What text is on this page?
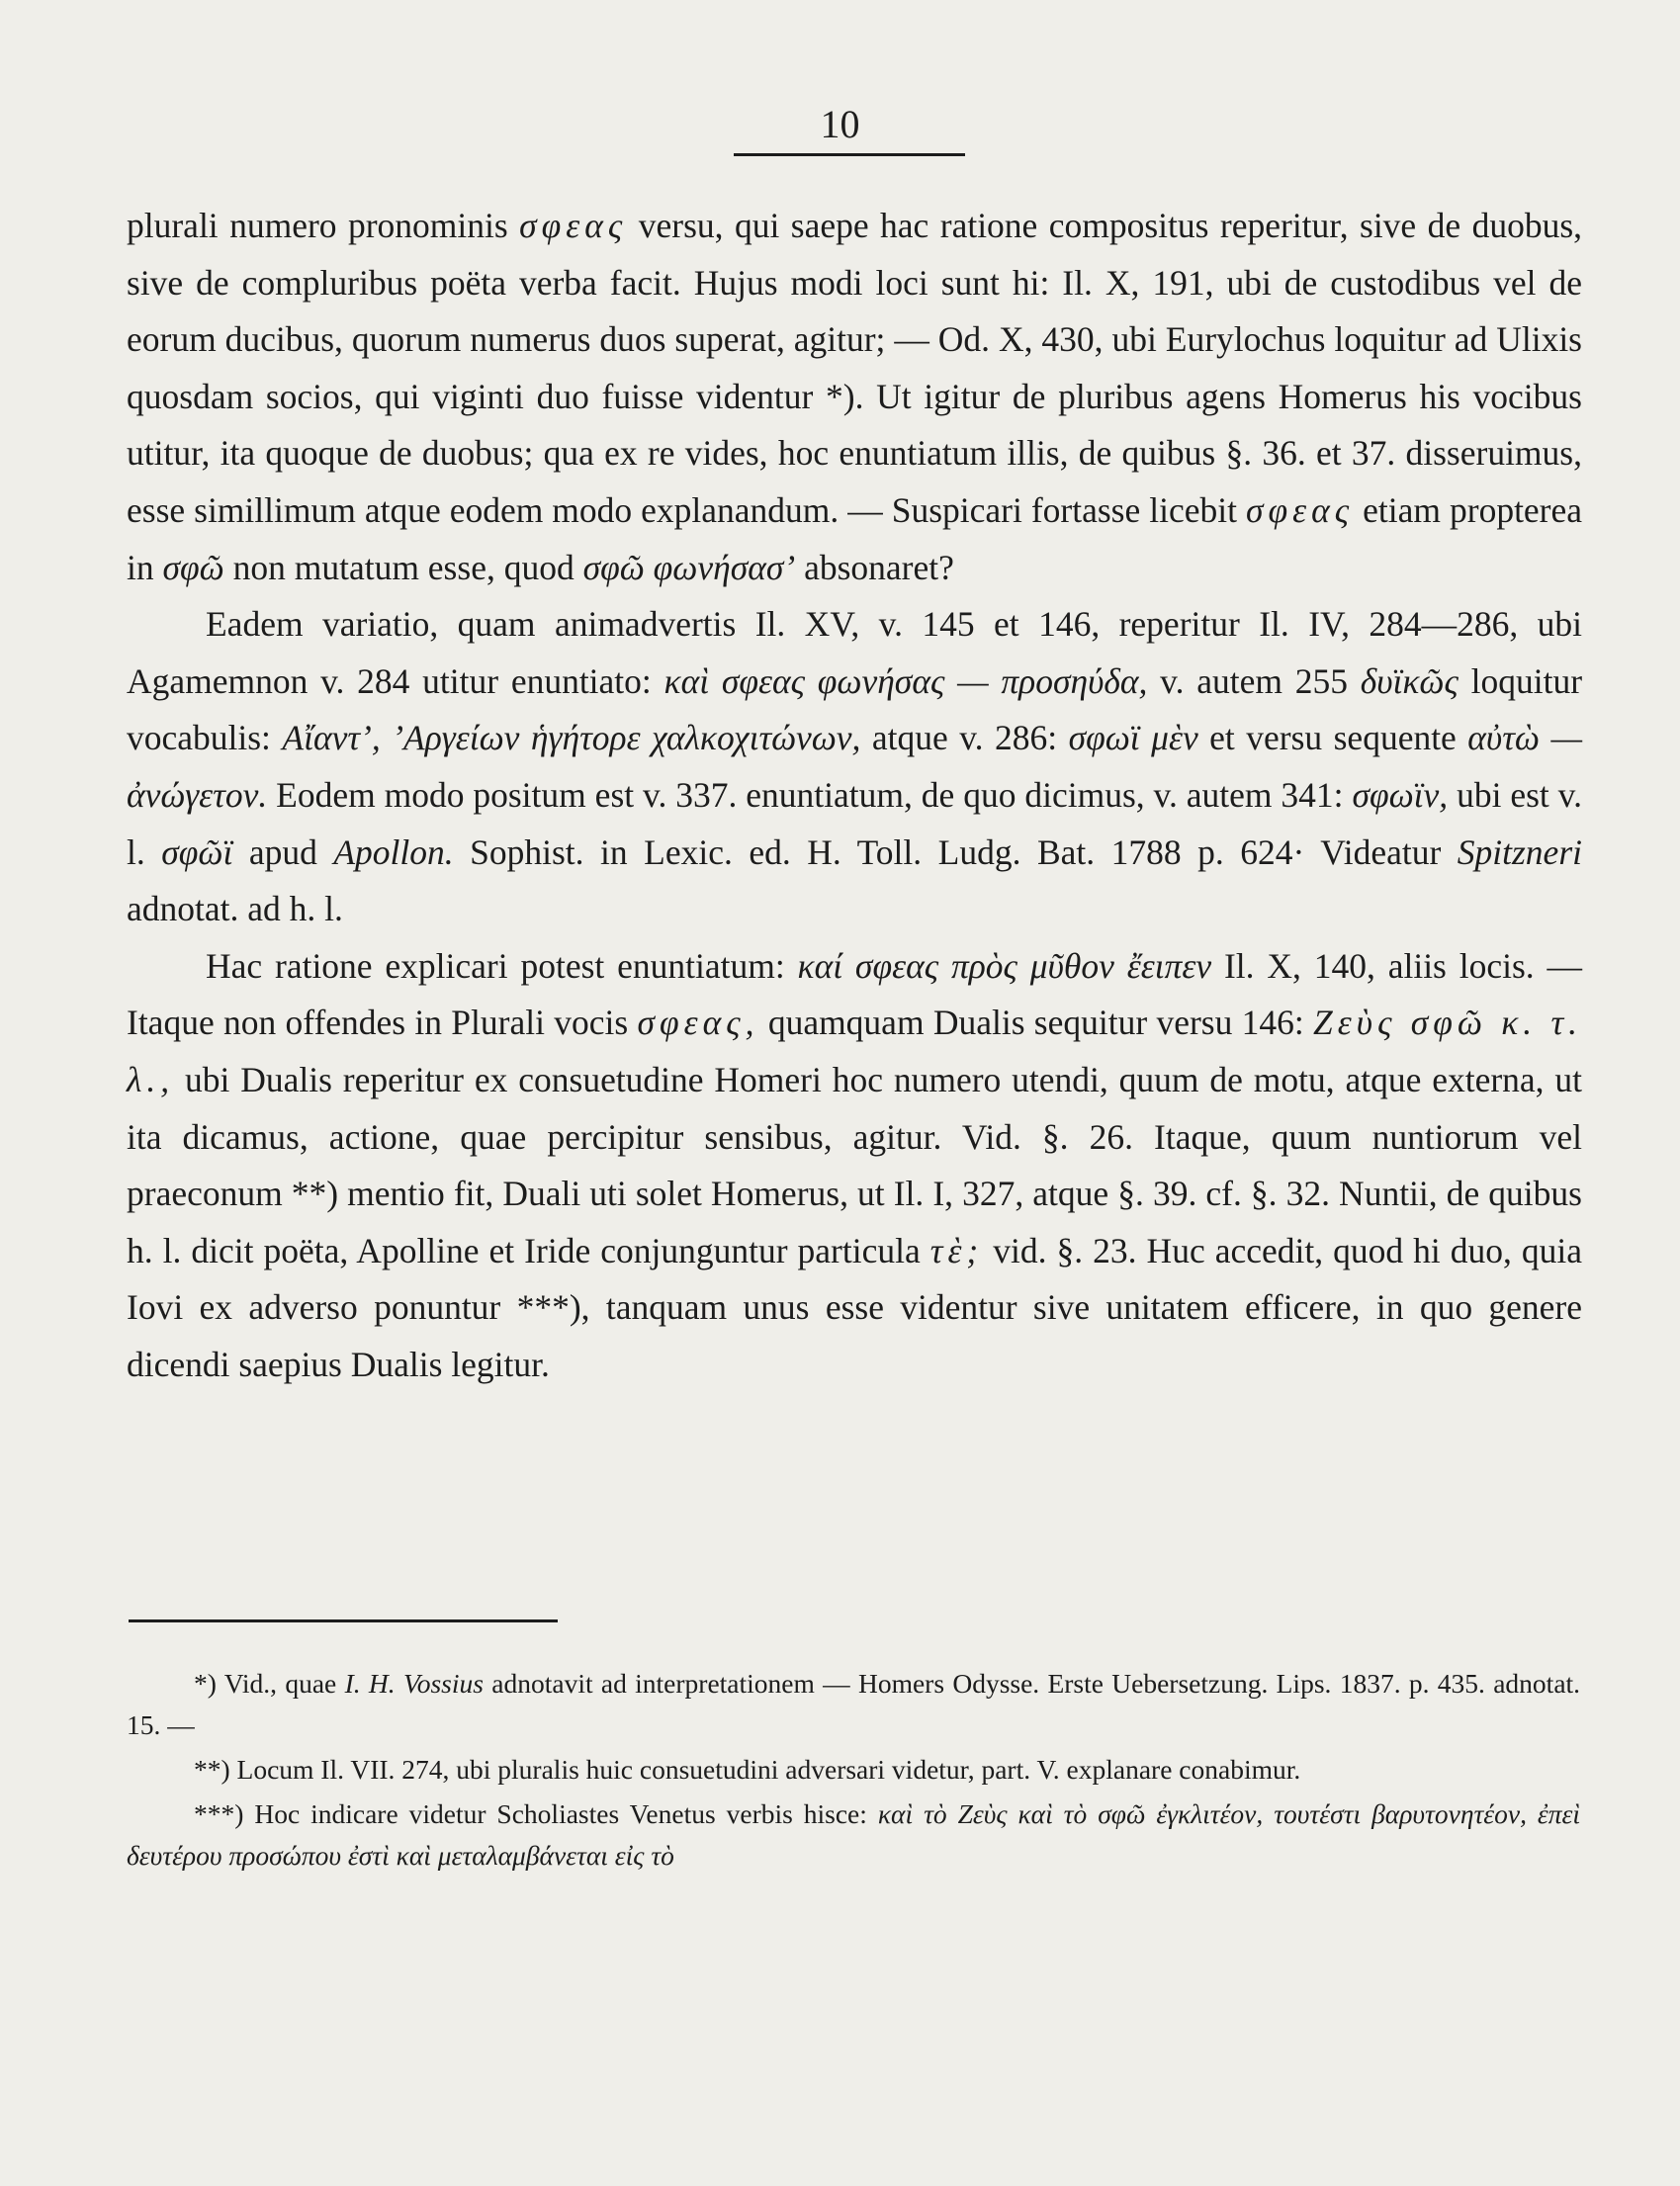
10

plurali numero pronominis σφεας versu, qui saepe hac ratione compositus reperitur, sive de duobus, sive de compluribus poëta verba facit. Hujus modi loci sunt hi: Il. X, 191, ubi de custodibus vel de eorum ducibus, quorum numerus duos superat, agitur; — Od. X, 430, ubi Eurylochus loquitur ad Ulixis quosdam socios, qui viginti duo fuisse videntur *). Ut igitur de pluribus agens Homerus his vocibus utitur, ita quoque de duobus; qua ex re vides, hoc enuntiatum illis, de quibus §. 36. et 37. disseruimus, esse simillimum atque eodem modo explanandum. — Suspicari fortasse licebit σφεας etiam propterea in σφῶ non mutatum esse, quod σφῶ φωνήσασ’ absonaret?

Eadem variatio, quam animadvertis Il. XV, v. 145 et 146, reperitur Il. IV, 284—286, ubi Agamemnon v. 284 utitur enuntiato: καὶ σφεας φωνήσας — προσηύδα, v. autem 255 δυϊκῶς loquitur vocabulis: Αἴαντ’, ’Αργείων ἡγήτορε χαλκοχιτώνων, atque v. 286: σφωϊ μὲν et versu sequente αὐτὼ — ἀνώγετον. Eodem modo positum est v. 337. enuntiatum, de quo dicimus, v. autem 341: σφωϊν, ubi est v. l. σφῶϊ apud Apollon. Sophist. in Lexic. ed. H. Toll. Ludg. Bat. 1788 p. 624· Videatur Spitzneri adnotat. ad h. l.

Hac ratione explicari potest enuntiatum: καί σφεας πρὸς μῦθον ἔειπεν Il. X, 140, aliis locis. — Itaque non offendes in Plurali vocis σφεας, quamquam Dualis sequitur versu 146: Ζεὺς σφῶ κ. τ. λ., ubi Dualis reperitur ex consuetudine Homeri hoc numero utendi, quum de motu, atque externa, ut ita dicamus, actione, quae percipitur sensibus, agitur. Vid. §. 26. Itaque, quum nuntiorum vel praeconum **) mentio fit, Duali uti solet Homerus, ut Il. I, 327, atque §. 39. cf. §. 32. Nuntii, de quibus h. l. dicit poëta, Apolline et Iride conjunguntur particula τὲ; vid. §. 23. Huc accedit, quod hi duo, quia Iovi ex adverso ponuntur ***), tanquam unus esse videntur sive unitatem efficere, in quo genere dicendi saepius Dualis legitur.

*) Vid., quae I. H. Vossius adnotavit ad interpretationem — Homers Odysse. Erste Uebersetzung. Lips. 1837. p. 435. adnotat. 15. —

**) Locum Il. VII. 274, ubi pluralis huic consuetudini adversari videtur, part. V. explanare conabimur.

***) Hoc indicare videtur Scholiastes Venetus verbis hisce: καὶ τὸ Ζεὺς καὶ τὸ σφῶ ἐγκλιτέον, τουτέστι βαρυτονητέον, ἐπεὶ δευτέρου προσώπου ἐστὶ καὶ μεταλαμβάνεται εἰς τὸ
